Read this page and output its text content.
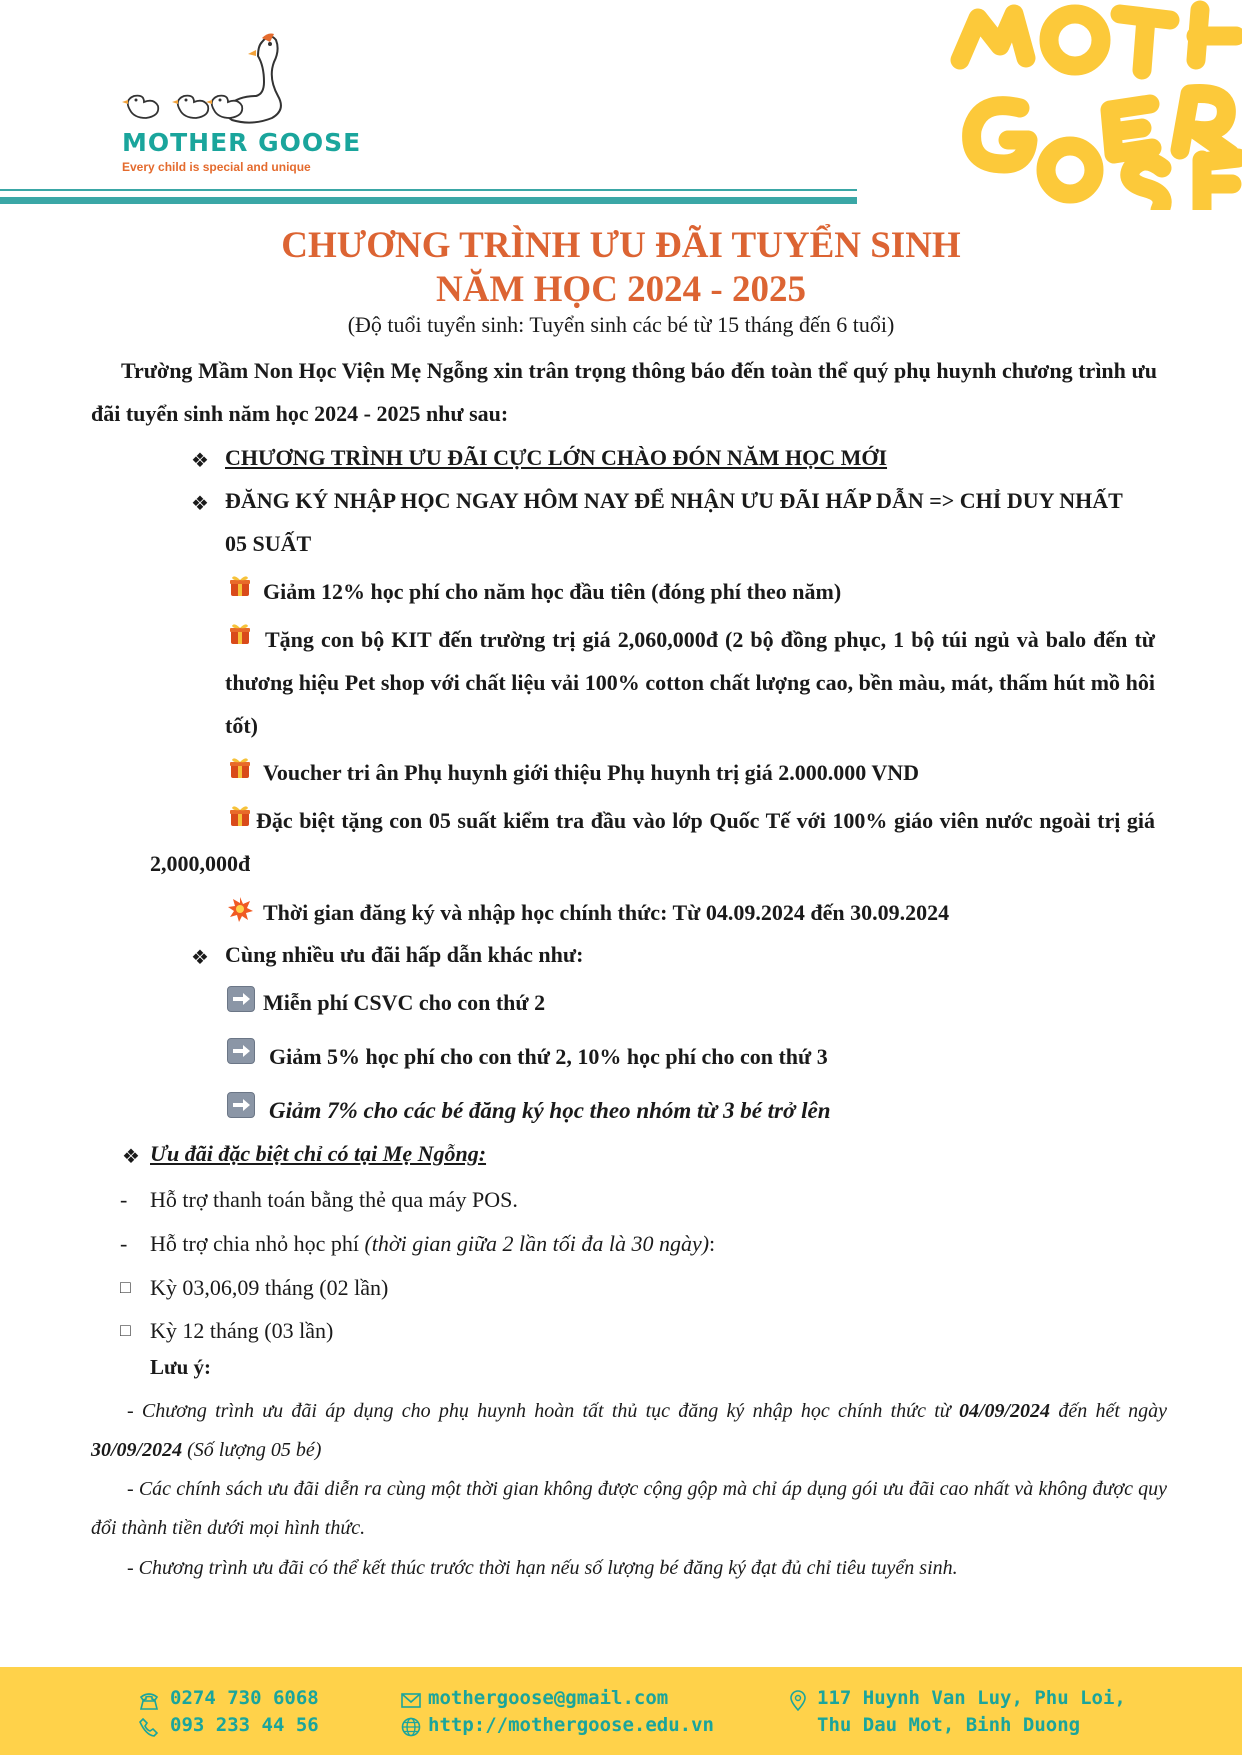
MOTHER GOOSE
Every child is special and unique
CHƯƠNG TRÌNH ƯU ĐÃI TUYỂN SINH
NĂM HỌC 2024 - 2025
(Độ tuổi tuyển sinh: Tuyển sinh các bé từ 15 tháng đến 6 tuổi)
Trường Mầm Non Học Viện Mẹ Ngỗng xin trân trọng thông báo đến toàn thể quý phụ huynh chương trình ưu đãi tuyển sinh năm học 2024 - 2025 như sau:
❖ CHƯƠNG TRÌNH ƯU ĐÃI CỰC LỚN CHÀO ĐÓN NĂM HỌC MỚI
❖ ĐĂNG KÝ NHẬP HỌC NGAY HÔM NAY ĐỂ NHẬN ƯU ĐÃI HẤP DẪN => CHỈ DUY NHẤT 05 SUẤT
Giảm 12% học phí cho năm học đầu tiên (đóng phí theo năm)
Tặng con bộ KIT đến trường trị giá 2,060,000đ (2 bộ đồng phục, 1 bộ túi ngủ và balo đến từ thương hiệu Pet shop với chất liệu vải 100% cotton chất lượng cao, bền màu, mát, thấm hút mồ hôi tốt)
Voucher tri ân Phụ huynh giới thiệu Phụ huynh trị giá 2.000.000 VND
Đặc biệt tặng con 05 suất kiểm tra đầu vào lớp Quốc Tế với 100% giáo viên nước ngoài trị giá 2,000,000đ
Thời gian đăng ký và nhập học chính thức: Từ 04.09.2024 đến 30.09.2024
❖ Cùng nhiều ưu đãi hấp dẫn khác như:
Miễn phí CSVC cho con thứ 2
Giảm 5% học phí cho con thứ 2, 10% học phí cho con thứ 3
Giảm 7% cho các bé đăng ký học theo nhóm từ 3 bé trở lên
❖ Ưu đãi đặc biệt chỉ có tại Mẹ Ngỗng:
- Hỗ trợ thanh toán bằng thẻ qua máy POS.
- Hỗ trợ chia nhỏ học phí (thời gian giữa 2 lần tối đa là 30 ngày):
□ Kỳ 03,06,09 tháng (02 lần)
□ Kỳ 12 tháng (03 lần)
Lưu ý:
- Chương trình ưu đãi áp dụng cho phụ huynh hoàn tất thủ tục đăng ký nhập học chính thức từ 04/09/2024 đến hết ngày 30/09/2024 (Số lượng 05 bé)
- Các chính sách ưu đãi diễn ra cùng một thời gian không được cộng gộp mà chỉ áp dụng gói ưu đãi cao nhất và không được quy đổi thành tiền dưới mọi hình thức.
- Chương trình ưu đãi có thể kết thúc trước thời hạn nếu số lượng bé đăng ký đạt đủ chỉ tiêu tuyển sinh.
0274 730 6068
093 233 44 56
mothergoose@gmail.com
http://mothergoose.edu.vn
117 Huynh Van Luy, Phu Loi,
Thu Dau Mot, Binh Duong
